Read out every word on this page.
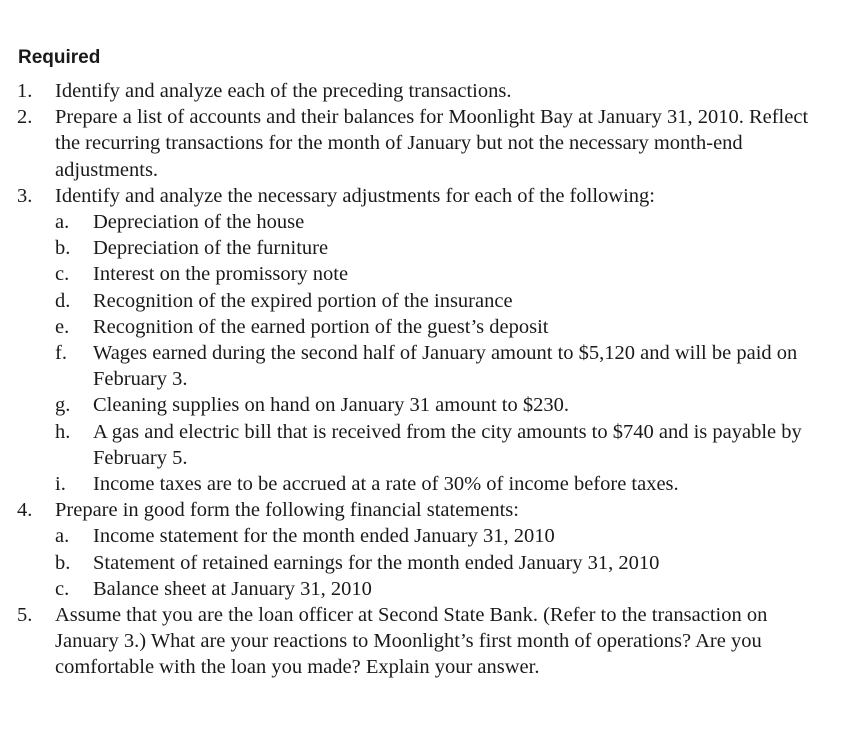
Required
1. Identify and analyze each of the preceding transactions.
2. Prepare a list of accounts and their balances for Moonlight Bay at January 31, 2010. Reflect the recurring transactions for the month of January but not the necessary month-end adjustments.
3. Identify and analyze the necessary adjustments for each of the following:
a. Depreciation of the house
b. Depreciation of the furniture
c. Interest on the promissory note
d. Recognition of the expired portion of the insurance
e. Recognition of the earned portion of the guest’s deposit
f. Wages earned during the second half of January amount to $5,120 and will be paid on February 3.
g. Cleaning supplies on hand on January 31 amount to $230.
h. A gas and electric bill that is received from the city amounts to $740 and is payable by February 5.
i. Income taxes are to be accrued at a rate of 30% of income before taxes.
4. Prepare in good form the following financial statements:
a. Income statement for the month ended January 31, 2010
b. Statement of retained earnings for the month ended January 31, 2010
c. Balance sheet at January 31, 2010
5. Assume that you are the loan officer at Second State Bank. (Refer to the transaction on January 3.) What are your reactions to Moonlight’s first month of operations? Are you comfortable with the loan you made? Explain your answer.
